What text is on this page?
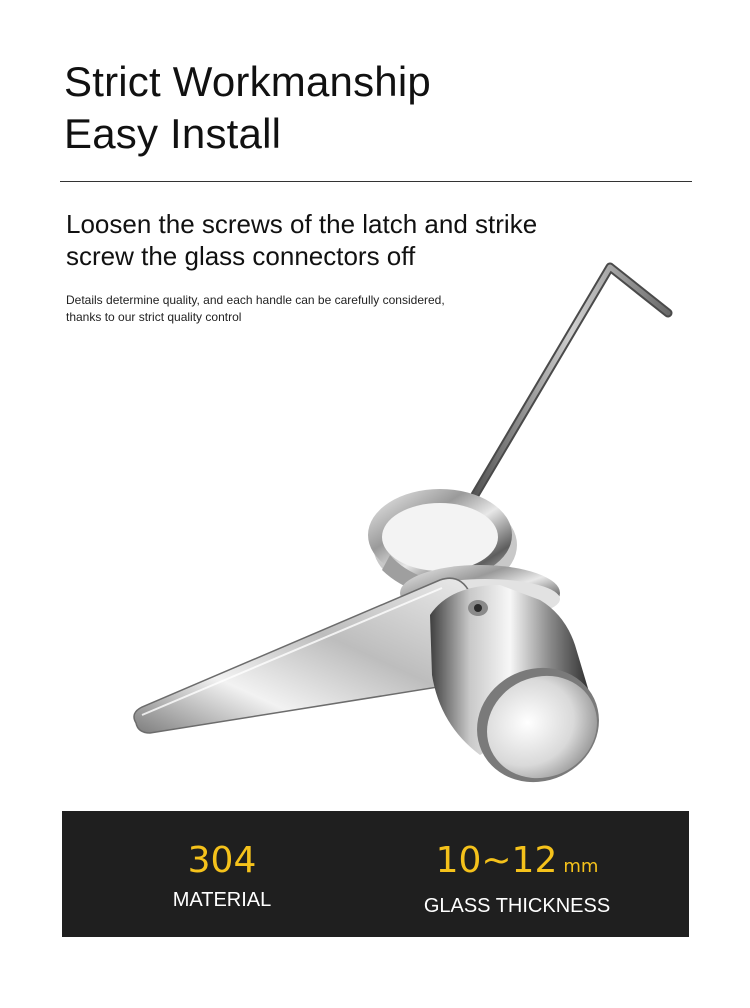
Strict Workmanship
Easy Install
Loosen the screws of the latch and strike
screw the glass connectors off
Details determine quality, and each handle can be carefully considered,
thanks to our strict quality control
304
MATERIAL
10~12 mm
GLASS THICKNESS
